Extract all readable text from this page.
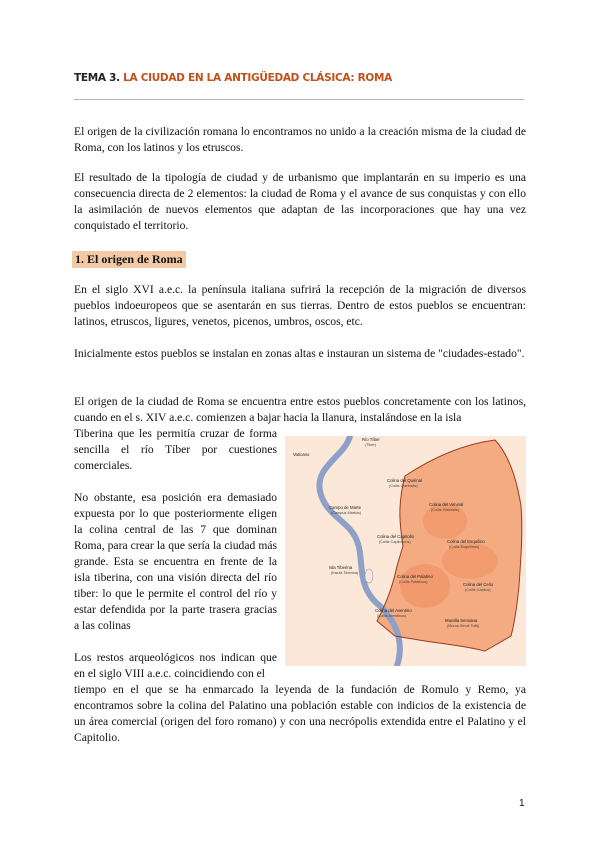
TEMA 3. LA CIUDAD EN LA ANTIGÜEDAD CLÁSICA: ROMA

El origen de la civilización romana lo encontramos no unido a la creación misma de la ciudad de Roma, con los latinos y los etruscos.

El resultado de la tipología de ciudad y de urbanismo que implantarán en su imperio es una consecuencia directa de 2 elementos: la ciudad de Roma y el avance de sus conquistas y con ello la asimilación de nuevos elementos que adaptan de las incorporaciones que hay una vez conquistado el territorio.

1. El origen de Roma

En el siglo XVI a.e.c. la península italiana sufrirá la recepción de la migración de diversos pueblos indoeuropeos que se asentarán en sus tierras. Dentro de estos pueblos se encuentran: latinos, etruscos, ligures, venetos, picenos, umbros, oscos, etc.

Inicialmente estos pueblos se instalan en zonas altas e instauran un sistema de "ciudades-estado".

El origen de la ciudad de Roma se encuentra entre estos pueblos concretamente con los latinos, cuando en el s. XIV a.e.c. comienzen a bajar hacia la llanura, instalándose en la isla

Tiberina que les permitía cruzar de forma sencilla el río Tíber por cuestiones comerciales.

No obstante, esa posición era demasiado expuesta por lo que posteriormente eligen la colina central de las 7 que dominan Roma, para crear la que sería la ciudad más grande. Esta se encuentra en frente de la isla tiberina, con una visión directa del río tiber: lo que le permite el control del río y estar defendida por la parte trasera gracias a las colinas

Los restos arqueológicos nos indican que en el siglo VIII a.e.c. coincidiendo con el

tiempo en el que se ha enmarcado la leyenda de la fundación de Romulo y Remo, ya encontramos sobre la colina del Palatino una población estable con indicios de la existencia de un área comercial (origen del foro romano) y con una necrópolis extendida entre el Palatino y el Capitolio.

Río Tíber
(Tiber)
Vaticano
Campo de Marte
(Campus Martius)
Colina del Quirinal
(Collis Quirinalis)
Colina del Viminal
(Collis Viminalis)
Colina del Capitolio
(Collis Capitolinus)	Colina del Esquilino
(Collis Esquilinus)
Isla Tiberina
(Insula Tiberina)
Colina del Palatino
(Collis Palatinus)	Colina del Celio
(Collis Caelius)
Colina del Aventino
(Collis Aventinus)
Muralla Serviana
(Murus Servii Tullii)
1
